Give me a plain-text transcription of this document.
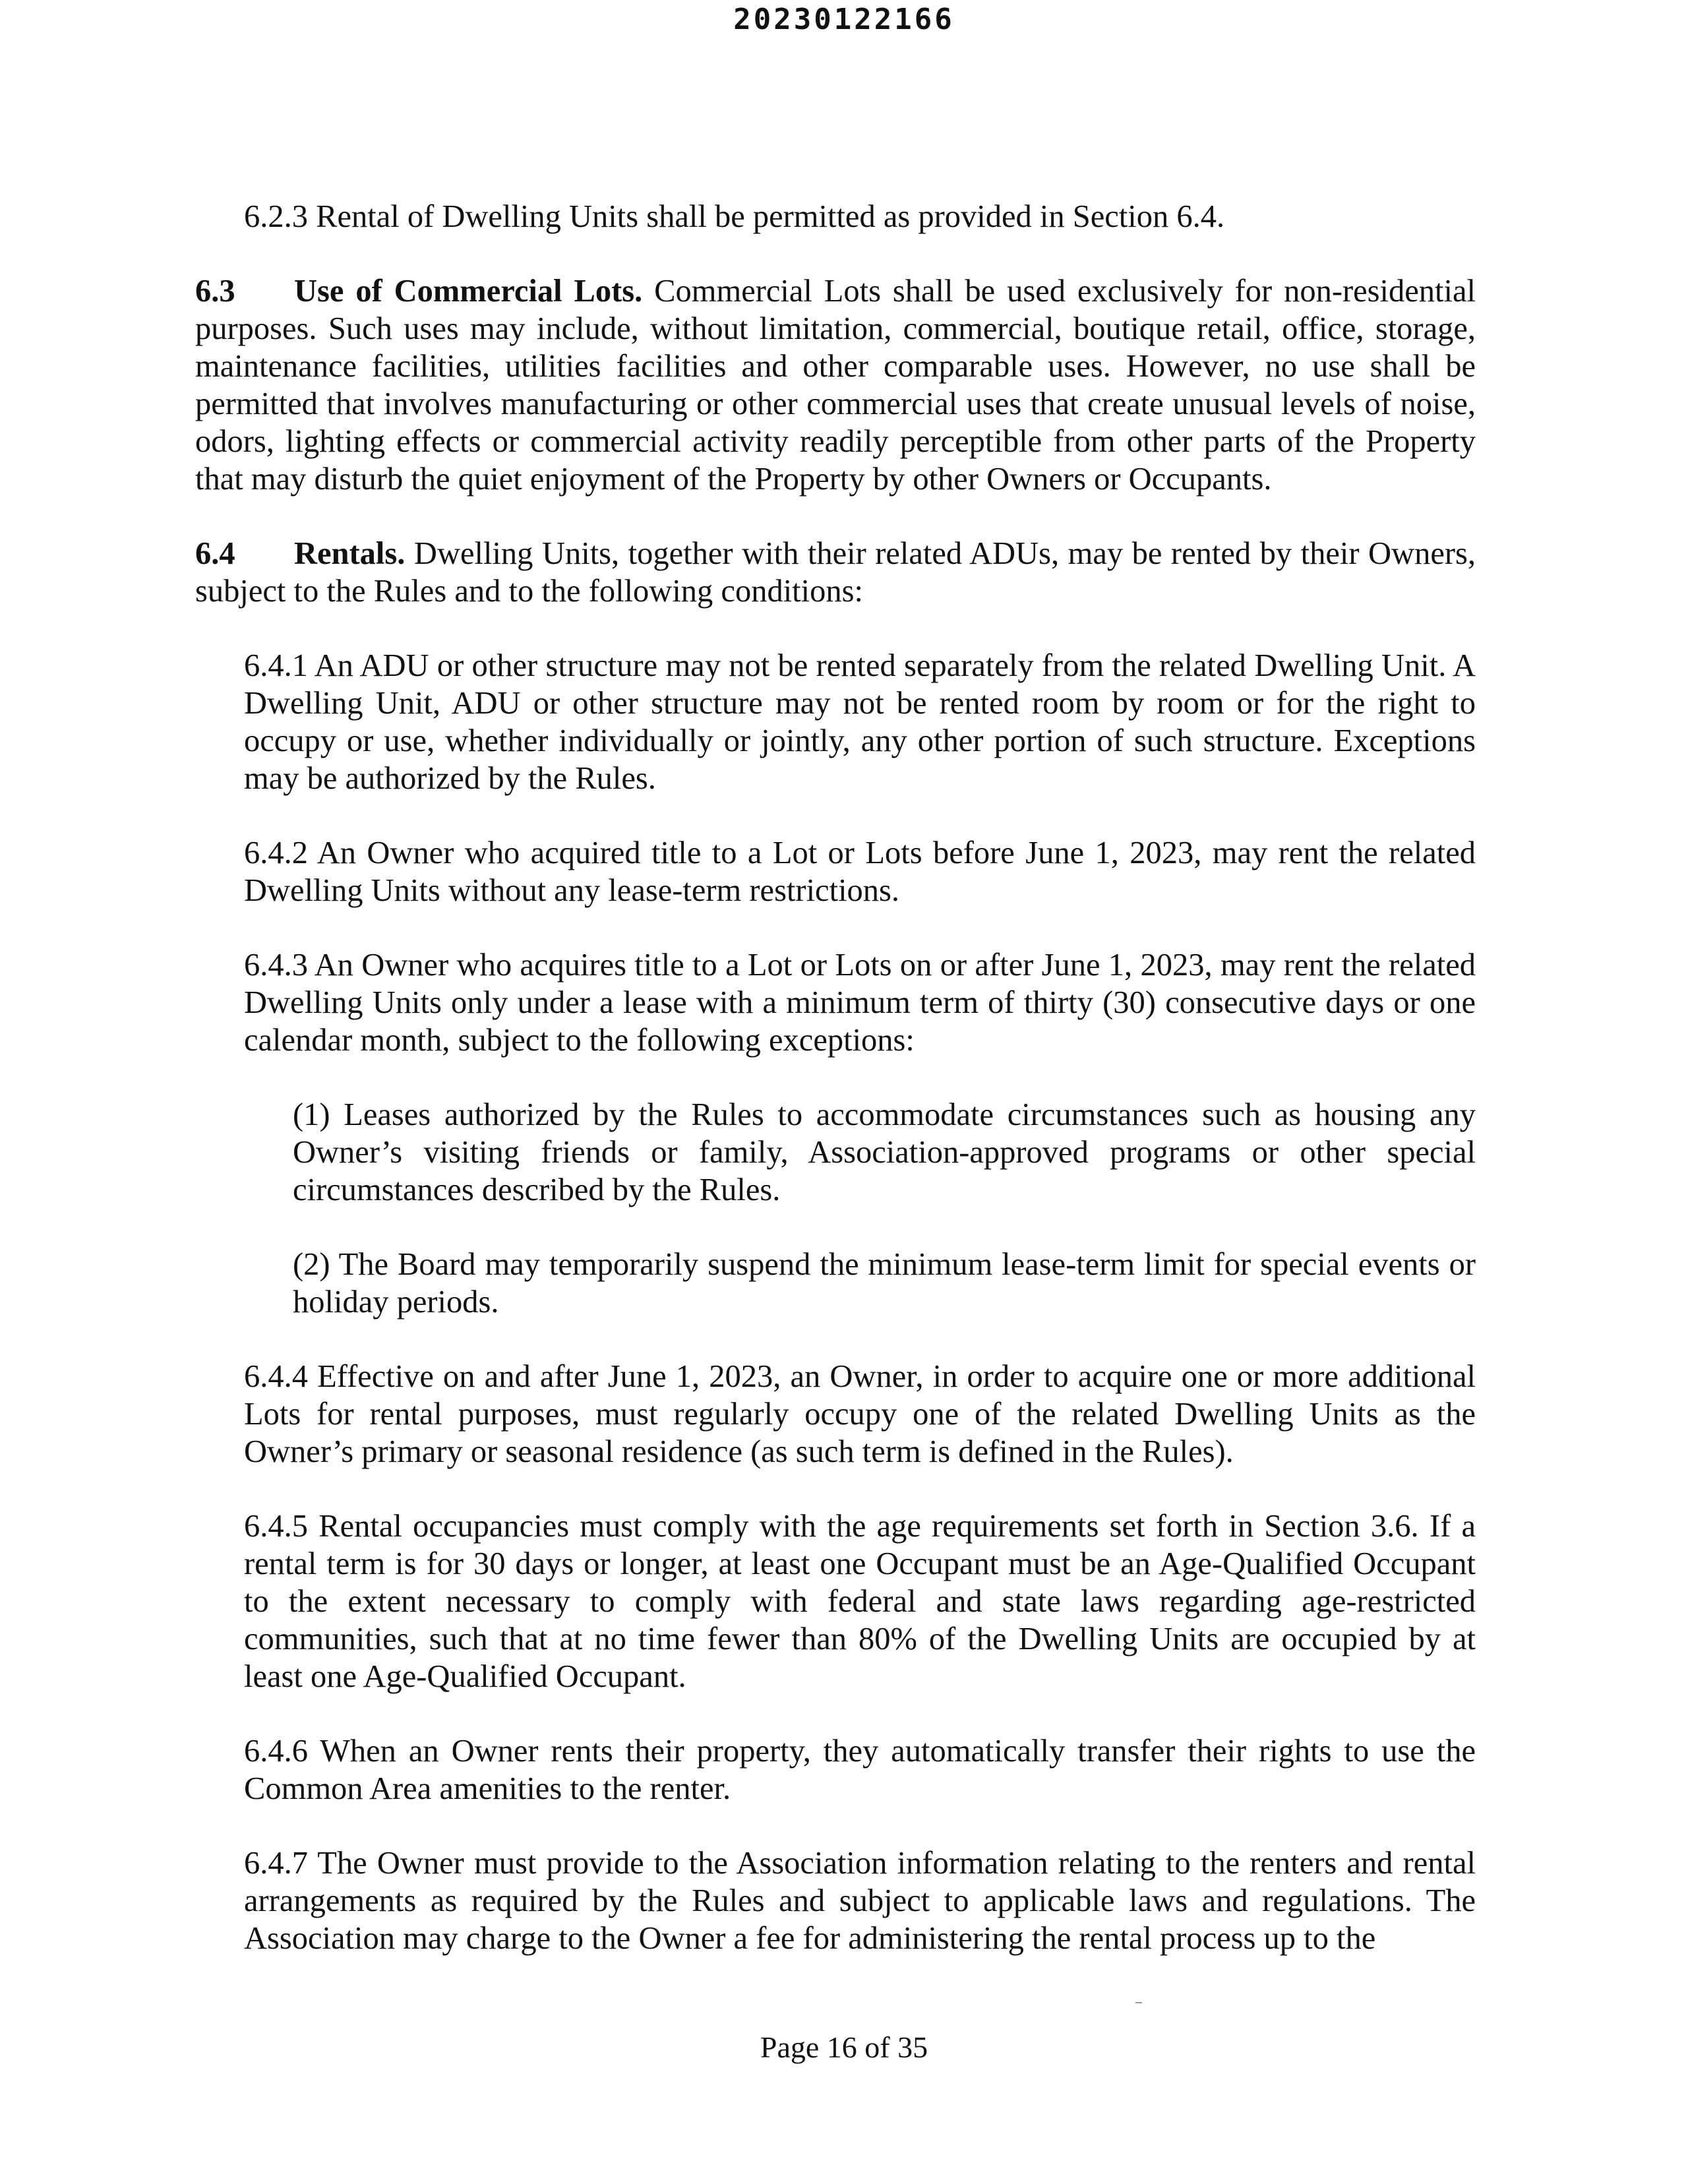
20230122166

6.2.3 Rental of Dwelling Units shall be permitted as provided in Section 6.4.

6.3 Use of Commercial Lots. Commercial Lots shall be used exclusively for non-residential purposes. Such uses may include, without limitation, commercial, boutique retail, office, storage, maintenance facilities, utilities facilities and other comparable uses. However, no use shall be permitted that involves manufacturing or other commercial uses that create unusual levels of noise, odors, lighting effects or commercial activity readily perceptible from other parts of the Property that may disturb the quiet enjoyment of the Property by other Owners or Occupants.

6.4 Rentals. Dwelling Units, together with their related ADUs, may be rented by their Owners, subject to the Rules and to the following conditions:

6.4.1 An ADU or other structure may not be rented separately from the related Dwelling Unit. A Dwelling Unit, ADU or other structure may not be rented room by room or for the right to occupy or use, whether individually or jointly, any other portion of such structure. Exceptions may be authorized by the Rules.

6.4.2 An Owner who acquired title to a Lot or Lots before June 1, 2023, may rent the related Dwelling Units without any lease-term restrictions.

6.4.3 An Owner who acquires title to a Lot or Lots on or after June 1, 2023, may rent the related Dwelling Units only under a lease with a minimum term of thirty (30) consecutive days or one calendar month, subject to the following exceptions:

(1) Leases authorized by the Rules to accommodate circumstances such as housing any Owner’s visiting friends or family, Association-approved programs or other special circumstances described by the Rules.

(2) The Board may temporarily suspend the minimum lease-term limit for special events or holiday periods.

6.4.4 Effective on and after June 1, 2023, an Owner, in order to acquire one or more additional Lots for rental purposes, must regularly occupy one of the related Dwelling Units as the Owner’s primary or seasonal residence (as such term is defined in the Rules).

6.4.5 Rental occupancies must comply with the age requirements set forth in Section 3.6. If a rental term is for 30 days or longer, at least one Occupant must be an Age-Qualified Occupant to the extent necessary to comply with federal and state laws regarding age-restricted communities, such that at no time fewer than 80% of the Dwelling Units are occupied by at least one Age-Qualified Occupant.

6.4.6 When an Owner rents their property, they automatically transfer their rights to use the Common Area amenities to the renter.

6.4.7 The Owner must provide to the Association information relating to the renters and rental arrangements as required by the Rules and subject to applicable laws and regulations. The Association may charge to the Owner a fee for administering the rental process up to the

Page 16 of 35
